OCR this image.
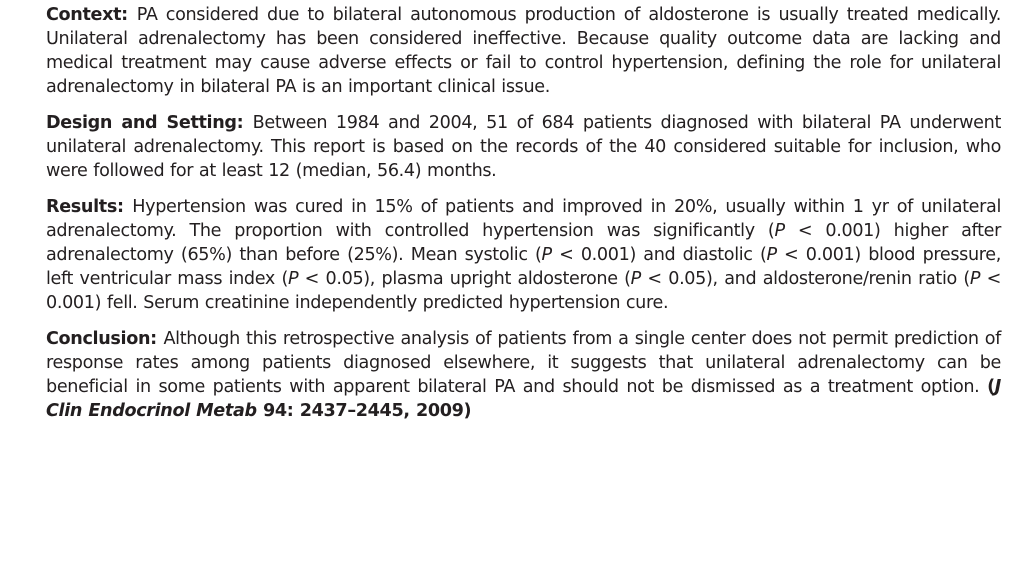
Context: PA considered due to bilateral autonomous production of aldosterone is usually treated medically. Unilateral adrenalectomy has been considered ineffective. Because quality outcome data are lacking and medical treatment may cause adverse effects or fail to control hypertension, defining the role for unilateral adrenalectomy in bilateral PA is an important clinical issue.

Design and Setting: Between 1984 and 2004, 51 of 684 patients diagnosed with bilateral PA underwent unilateral adrenalectomy. This report is based on the records of the 40 considered suitable for inclusion, who were followed for at least 12 (median, 56.4) months.

Results: Hypertension was cured in 15% of patients and improved in 20%, usually within 1 yr of unilateral adrenalectomy. The proportion with controlled hypertension was significantly (P < 0.001) higher after adrenalectomy (65%) than before (25%). Mean systolic (P < 0.001) and diastolic (P < 0.001) blood pressure, left ventricular mass index (P < 0.05), plasma upright aldosterone (P < 0.05), and aldosterone/renin ratio (P < 0.001) fell. Serum creatinine independently predicted hypertension cure.

Conclusion: Although this retrospective analysis of patients from a single center does not permit prediction of response rates among patients diagnosed elsewhere, it suggests that unilateral adrenalectomy can be beneficial in some patients with apparent bilateral PA and should not be dismissed as a treatment option. (J Clin Endocrinol Metab 94: 2437–2445, 2009)
